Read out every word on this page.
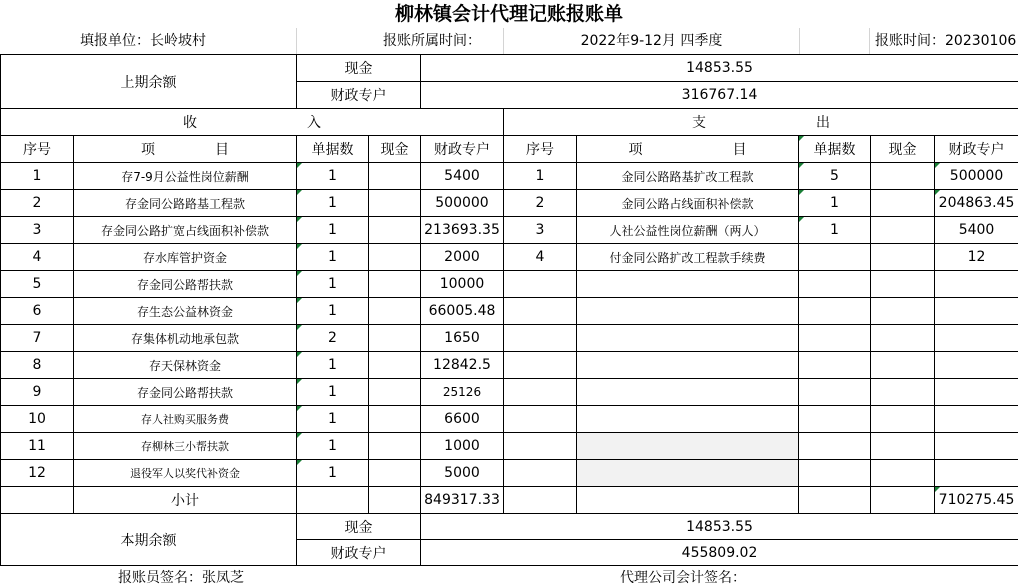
柳林镇会计代理记账报账单
填报单位：长岭坡村	报账所属时间：	2022年9-12月 四季度	报账时间：20230106
上期余额		现金		14853.55					
		财政专户		316767.14					
收 入					支 出				
序号	项 目	单据数	现金	财政专户	序号	项 目	单据数	现金	财政专户
1	存7-9月公益性岗位薪酬	1		5400	1	金同公路路基扩改工程款	5		500000
2	存金同公路路基工程款	1		500000	2	金同公路占线面积补偿款	1		204863.45
3	存金同公路扩宽占线面积补偿款	1		213693.35	3	人社公益性岗位薪酬（两人）	1		5400
4	存水库管护资金	1		2000	4	付金同公路扩改工程款手续费			12
5	存金同公路帮扶款	1		10000					
6	存生态公益林资金	1		66005.48					
7	存集体机动地承包款	2		1650					
8	存天保林资金	1		12842.5					
9	存金同公路帮扶款	1		25126					
10	存人社购买服务费	1		6600					
11	存柳林三小帮扶款	1		1000					
12	退役军人以奖代补资金	1		5000					
	小计			849317.33					710275.45
本期余额		现金		14853.55					
		财政专户		455809.02					
报账员签名：张凤芝	代理公司会计签名：
